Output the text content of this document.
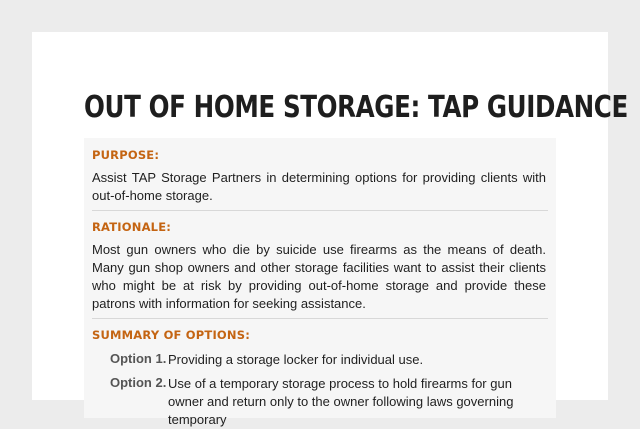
OUT OF HOME STORAGE: TAP GUIDANCE
PURPOSE:
Assist TAP Storage Partners in determining options for providing clients with out-of-home storage.
RATIONALE:
Most gun owners who die by suicide use firearms as the means of death. Many gun shop owners and other storage facilities want to assist their clients who might be at risk by providing out-of-home storage and provide these patrons with information for seeking assistance.
SUMMARY OF OPTIONS:
Option 1. Providing a storage locker for individual use.
Option 2. Use of a temporary storage process to hold firearms for gun owner and return only to the owner following laws governing temporary
